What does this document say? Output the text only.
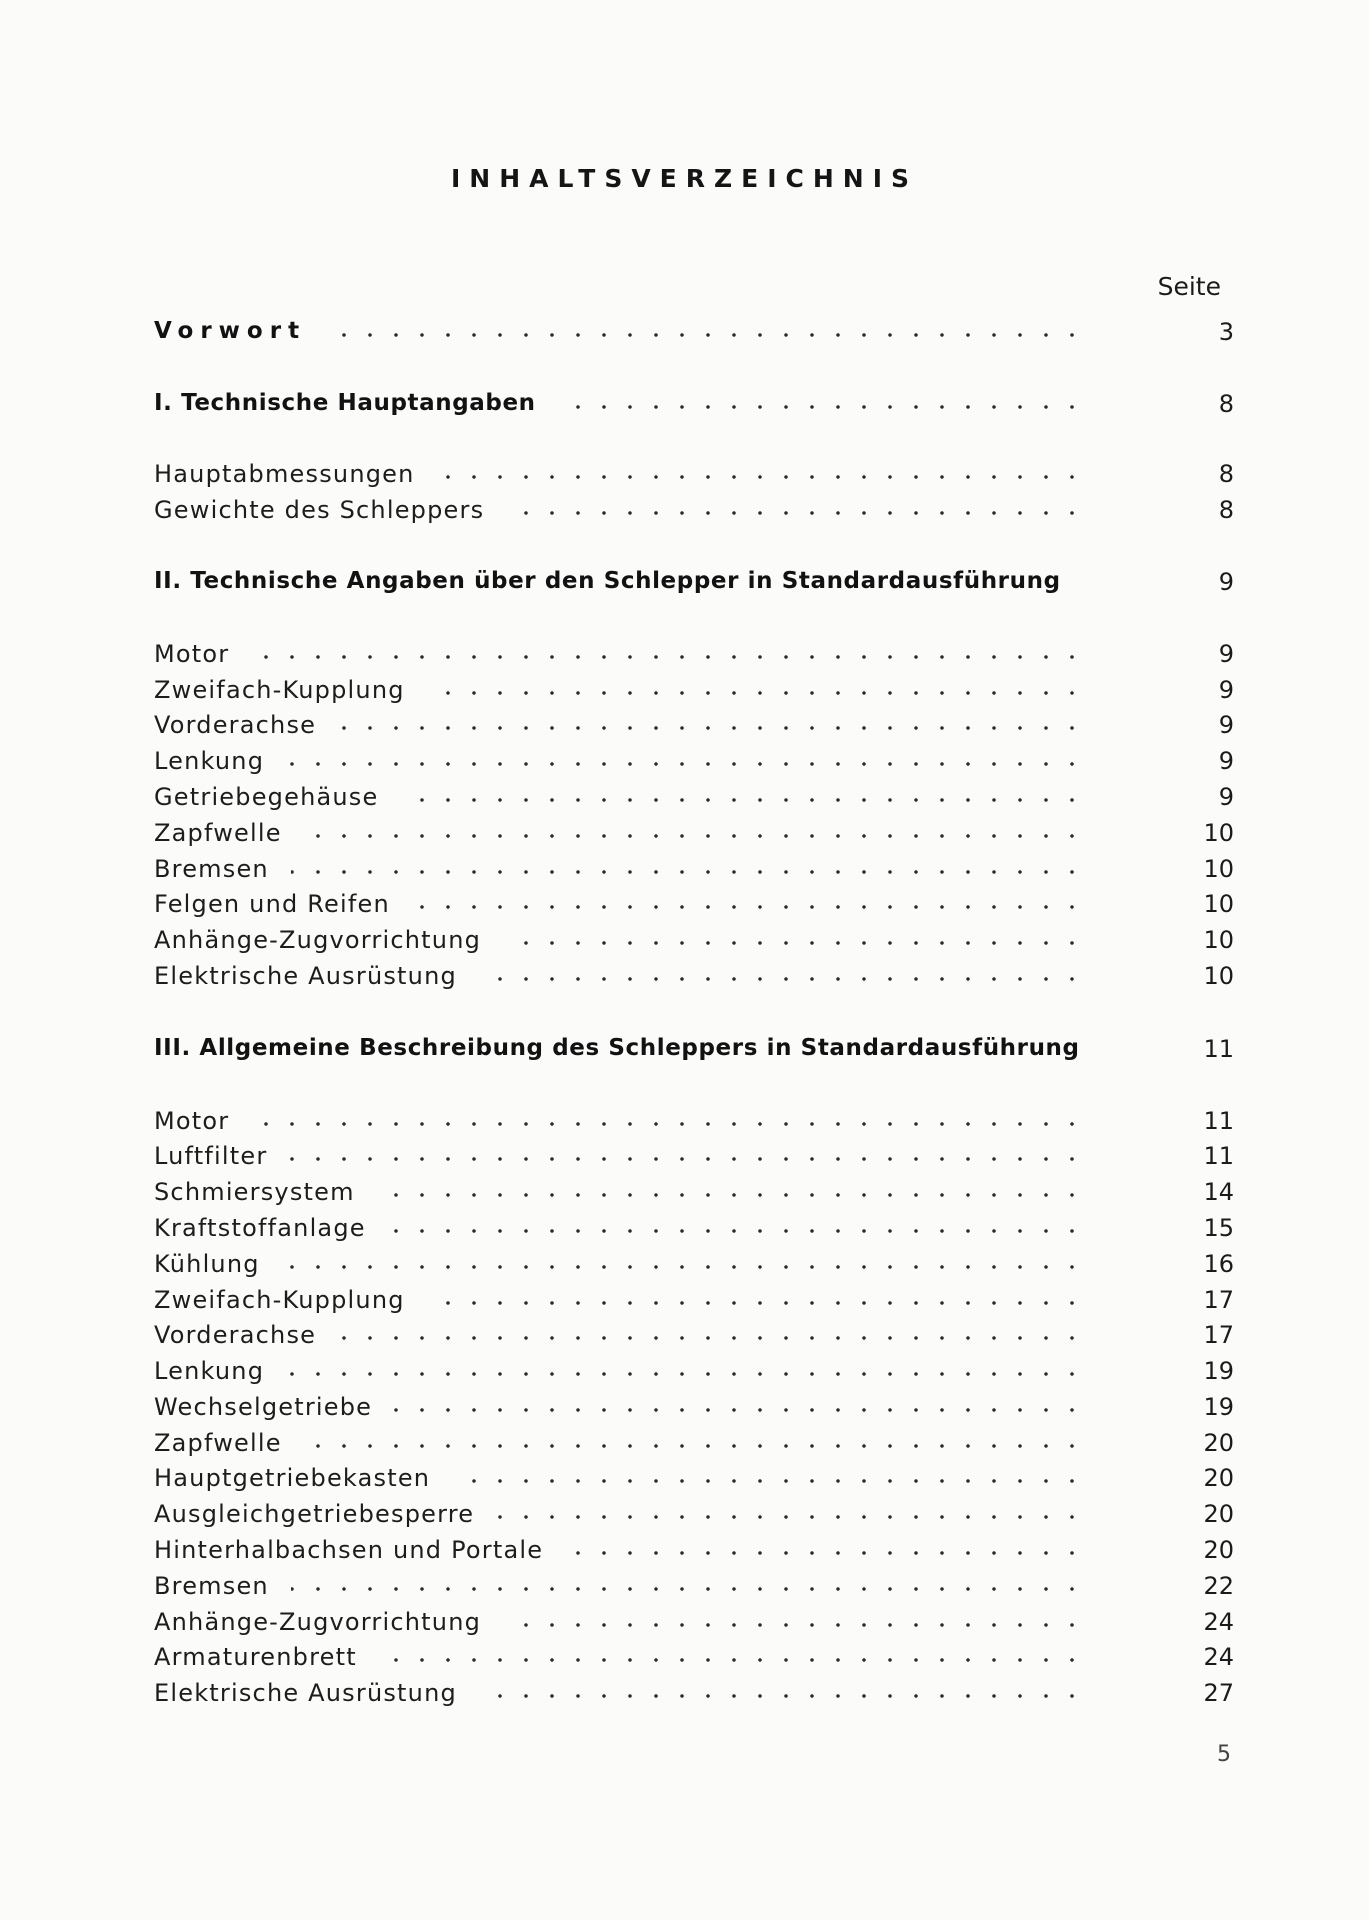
INHALTSVERZEICHNIS
Seite
Vorwort	3
I. Technische Hauptangaben	8
Hauptabmessungen	8
Gewichte des Schleppers	8
II. Technische Angaben über den Schlepper in Standardausführung	9
Motor	9
Zweifach-Kupplung	9
Vorderachse	9
Lenkung	9
Getriebegehäuse	9
Zapfwelle	10
Bremsen	10
Felgen und Reifen	10
Anhänge-Zugvorrichtung	10
Elektrische Ausrüstung	10
III. Allgemeine Beschreibung des Schleppers in Standardausführung	11
Motor	11
Luftfilter	11
Schmiersystem	14
Kraftstoffanlage	15
Kühlung	16
Zweifach-Kupplung	17
Vorderachse	17
Lenkung	19
Wechselgetriebe	19
Zapfwelle	20
Hauptgetriebekasten	20
Ausgleichgetriebesperre	20
Hinterhalbachsen und Portale	20
Bremsen	22
Anhänge-Zugvorrichtung	24
Armaturenbrett	24
Elektrische Ausrüstung	27
5
